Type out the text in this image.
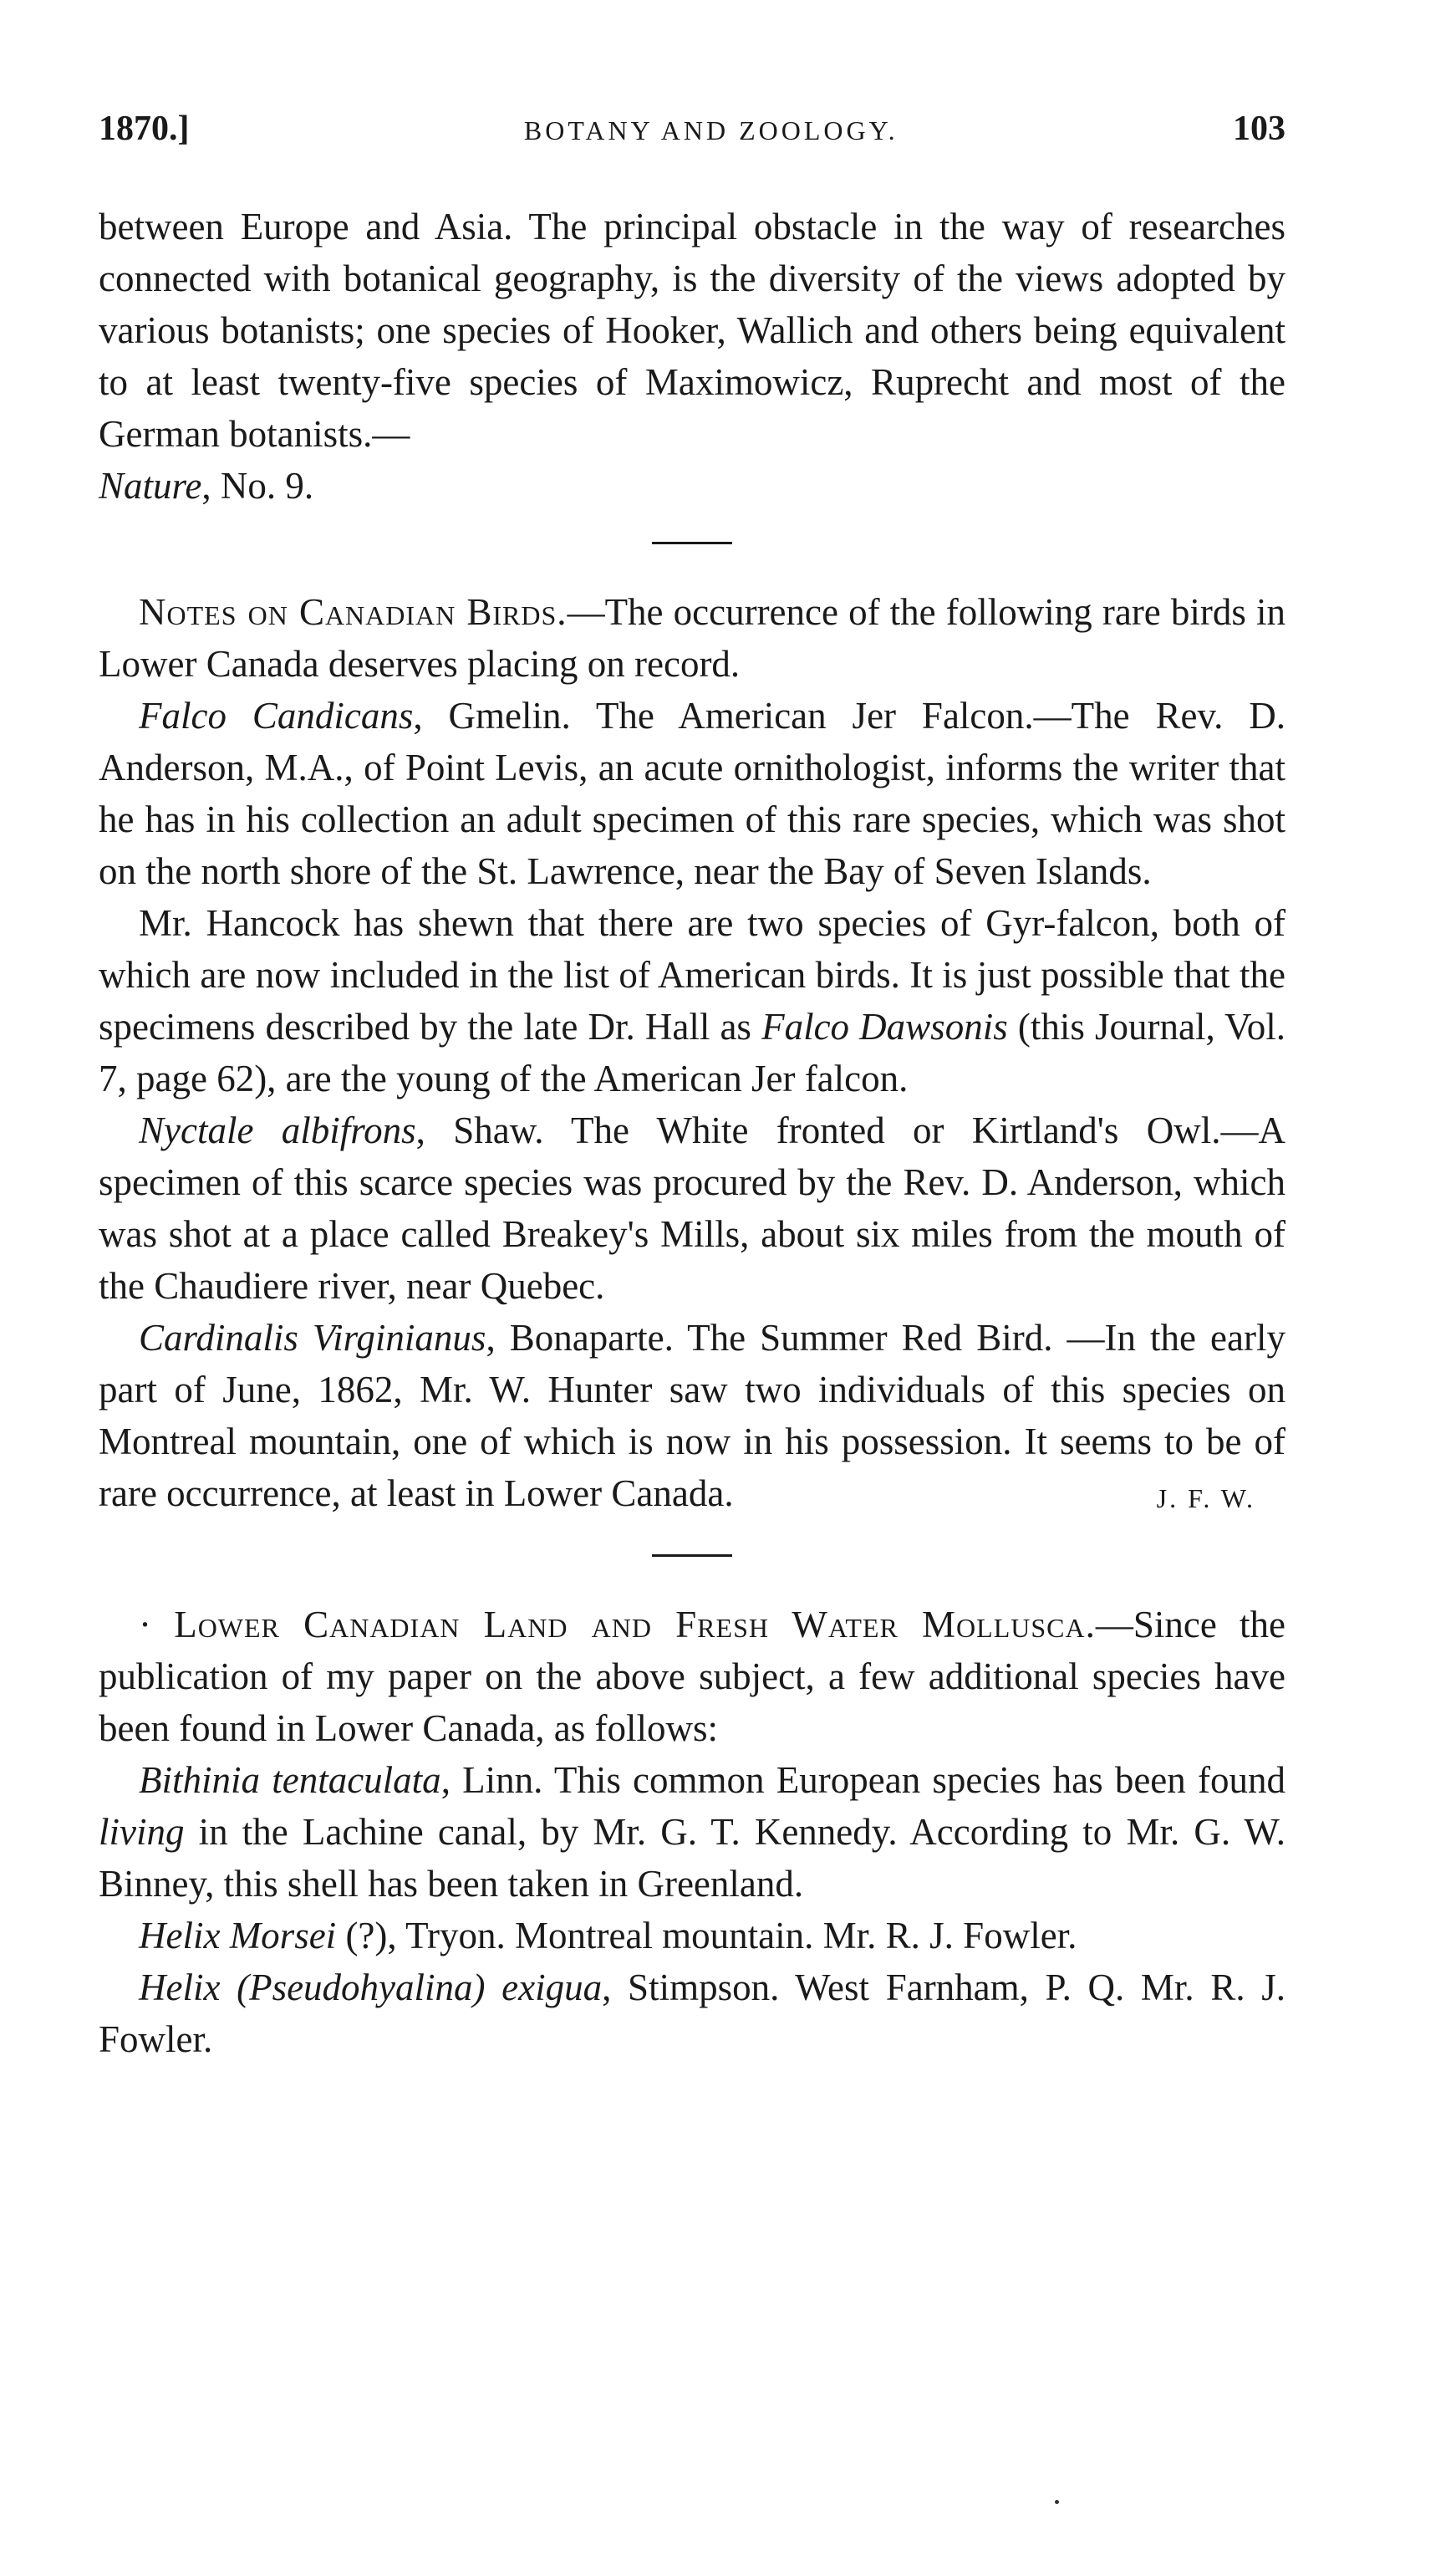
1870.]	BOTANY AND ZOOLOGY.	103

between Europe and Asia. The principal obstacle in the way of researches connected with botanical geography, is the diversity of the views adopted by various botanists; one species of Hooker, Wallich and others being equivalent to at least twenty-five species of Maximowicz, Ruprecht and most of the German botanists.—
Nature, No. 9.

Notes on Canadian Birds.—The occurrence of the following rare birds in Lower Canada deserves placing on record.

Falco Candicans, Gmelin. The American Jer Falcon.—The Rev. D. Anderson, M.A., of Point Levis, an acute ornithologist, informs the writer that he has in his collection an adult specimen of this rare species, which was shot on the north shore of the St. Lawrence, near the Bay of Seven Islands.

Mr. Hancock has shewn that there are two species of Gyr-falcon, both of which are now included in the list of American birds. It is just possible that the specimens described by the late Dr. Hall as Falco Dawsonis (this Journal, Vol. 7, page 62), are the young of the American Jer falcon.

Nyctale albifrons, Shaw. The White fronted or Kirtland's Owl.—A specimen of this scarce species was procured by the Rev. D. Anderson, which was shot at a place called Breakey's Mills, about six miles from the mouth of the Chaudiere river, near Quebec.

Cardinalis Virginianus, Bonaparte. The Summer Red Bird. —In the early part of June, 1862, Mr. W. Hunter saw two individuals of this species on Montreal mountain, one of which is now in his possession. It seems to be of rare occurrence, at least in Lower Canada.	J. F. W.

· Lower Canadian Land and Fresh Water Mollusca.—Since the publication of my paper on the above subject, a few additional species have been found in Lower Canada, as follows:

Bithinia tentaculata, Linn. This common European species has been found living in the Lachine canal, by Mr. G. T. Kennedy. According to Mr. G. W. Binney, this shell has been taken in Greenland.

Helix Morsei (?), Tryon. Montreal mountain. Mr. R. J. Fowler.

Helix (Pseudohyalina) exigua, Stimpson. West Farnham, P. Q. Mr. R. J. Fowler.
